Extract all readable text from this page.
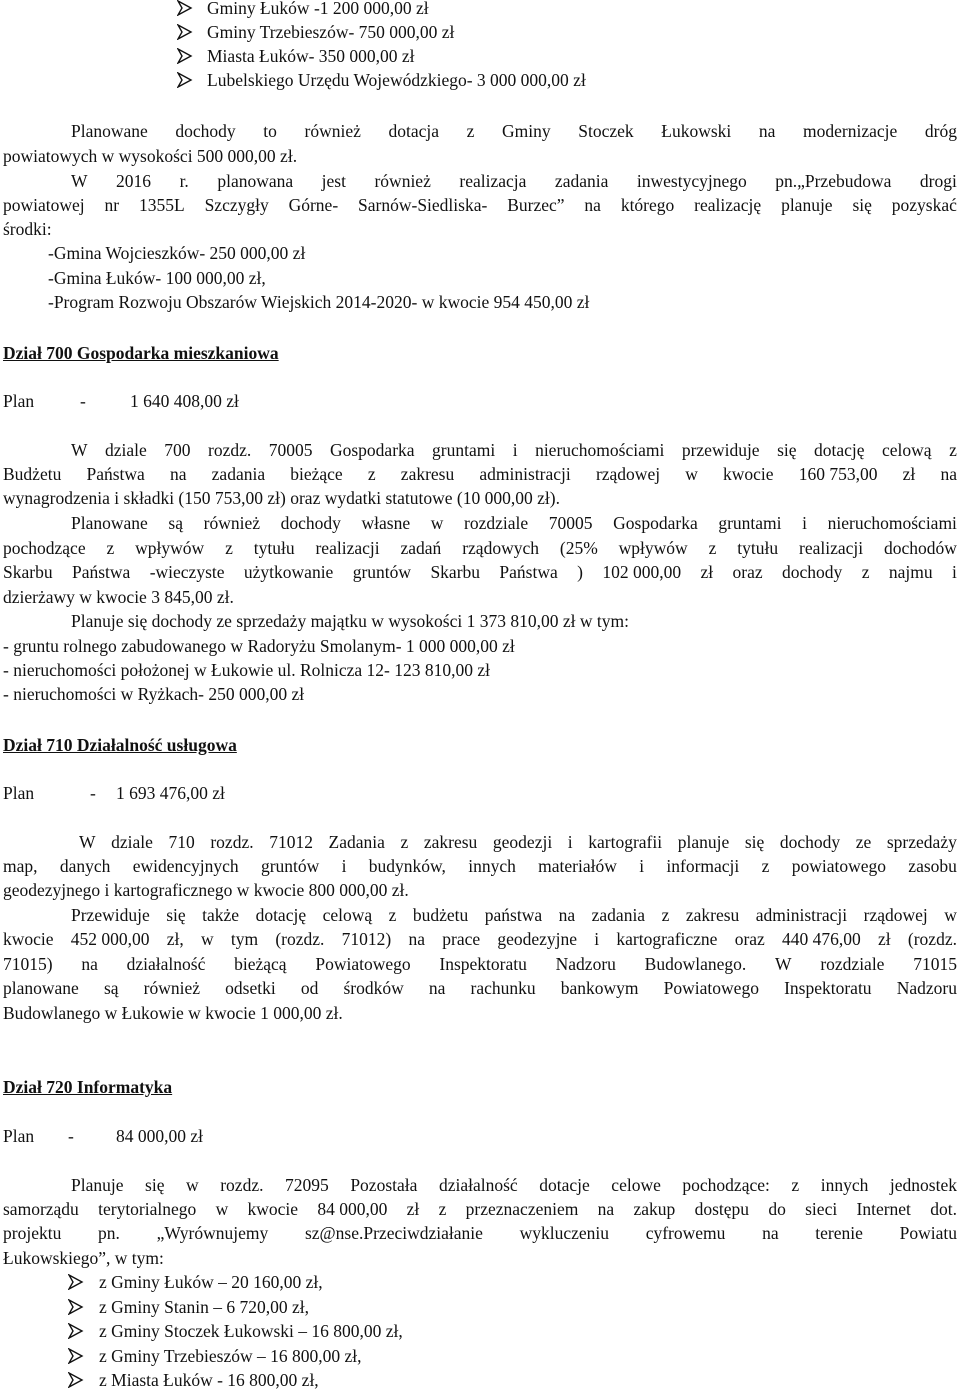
Gminy Łuków -1 200 000,00 zł
Gminy Trzebieszów- 750 000,00 zł
Miasta Łuków- 350 000,00 zł
Lubelskiego Urzędu Wojewódzkiego- 3 000 000,00 zł
Planowane dochody to również dotacja z Gminy Stoczek Łukowski na modernizacje dróg
powiatowych w wysokości 500 000,00 zł.
W 2016 r. planowana jest również realizacja zadania inwestycyjnego pn.„Przebudowa drogi
powiatowej nr 1355L Szczygły Górne- Sarnów-Siedliska- Burzec” na którego realizację planuje się pozyskać
środki:
-Gmina Wojcieszków- 250 000,00 zł
-Gmina Łuków- 100 000,00 zł,
-Program Rozwoju Obszarów Wiejskich 2014-2020- w kwocie 954 450,00 zł
Dział 700 Gospodarka mieszkaniowa
Plan	-	1 640 408,00 zł
W dziale 700 rozdz. 70005 Gospodarka gruntami i nieruchomościami przewiduje się dotację celową z
Budżetu Państwa na zadania bieżące z zakresu administracji rządowej w kwocie 160 753,00 zł na
wynagrodzenia i składki (150 753,00 zł) oraz wydatki statutowe (10 000,00 zł).
Planowane są również dochody własne w rozdziale 70005 Gospodarka gruntami i nieruchomościami
pochodzące z wpływów z tytułu realizacji zadań rządowych (25% wpływów z tytułu realizacji dochodów
Skarbu Państwa -wieczyste użytkowanie gruntów Skarbu Państwa ) 102 000,00 zł oraz dochody z najmu i
dzierżawy w kwocie 3 845,00 zł.
Planuje się dochody ze sprzedaży majątku w wysokości 1 373 810,00 zł w tym:
- gruntu rolnego zabudowanego w Radoryżu Smolanym- 1 000 000,00 zł
- nieruchomości położonej w Łukowie ul. Rolnicza 12- 123 810,00 zł
- nieruchomości w Ryżkach- 250 000,00 zł
Dział 710 Działalność usługowa
Plan	- 1 693 476,00 zł
W dziale 710 rozdz. 71012 Zadania z zakresu geodezji i kartografii planuje się dochody ze sprzedaży
map, danych ewidencyjnych gruntów i budynków, innych materiałów i informacji z powiatowego zasobu
geodezyjnego i kartograficznego w kwocie 800 000,00 zł.
Przewiduje się także dotację celową z budżetu państwa na zadania z zakresu administracji rządowej w
kwocie 452 000,00 zł, w tym (rozdz. 71012) na prace geodezyjne i kartograficzne oraz 440 476,00 zł (rozdz.
71015) na działalność bieżącą Powiatowego Inspektoratu Nadzoru Budowlanego. W rozdziale 71015
planowane są również odsetki od środków na rachunku bankowym Powiatowego Inspektoratu Nadzoru
Budowlanego w Łukowie w kwocie 1 000,00 zł.
Dział 720 Informatyka
Plan - 84 000,00 zł
Planuje się w rozdz. 72095 Pozostała działalność dotacje celowe pochodzące: z innych jednostek
samorządu terytorialnego w kwocie 84 000,00 zł z przeznaczeniem na zakup dostępu do sieci Internet dot.
projektu pn. „Wyrównujemy sz@nse.Przeciwdziałanie wykluczeniu cyfrowemu na terenie Powiatu
Łukowskiego”, w tym:
z Gminy Łuków – 20 160,00 zł,
z Gminy Stanin – 6 720,00 zł,
z Gminy Stoczek Łukowski – 16 800,00 zł,
z Gminy Trzebieszów – 16 800,00 zł,
z Miasta Łuków - 16 800,00 zł,
